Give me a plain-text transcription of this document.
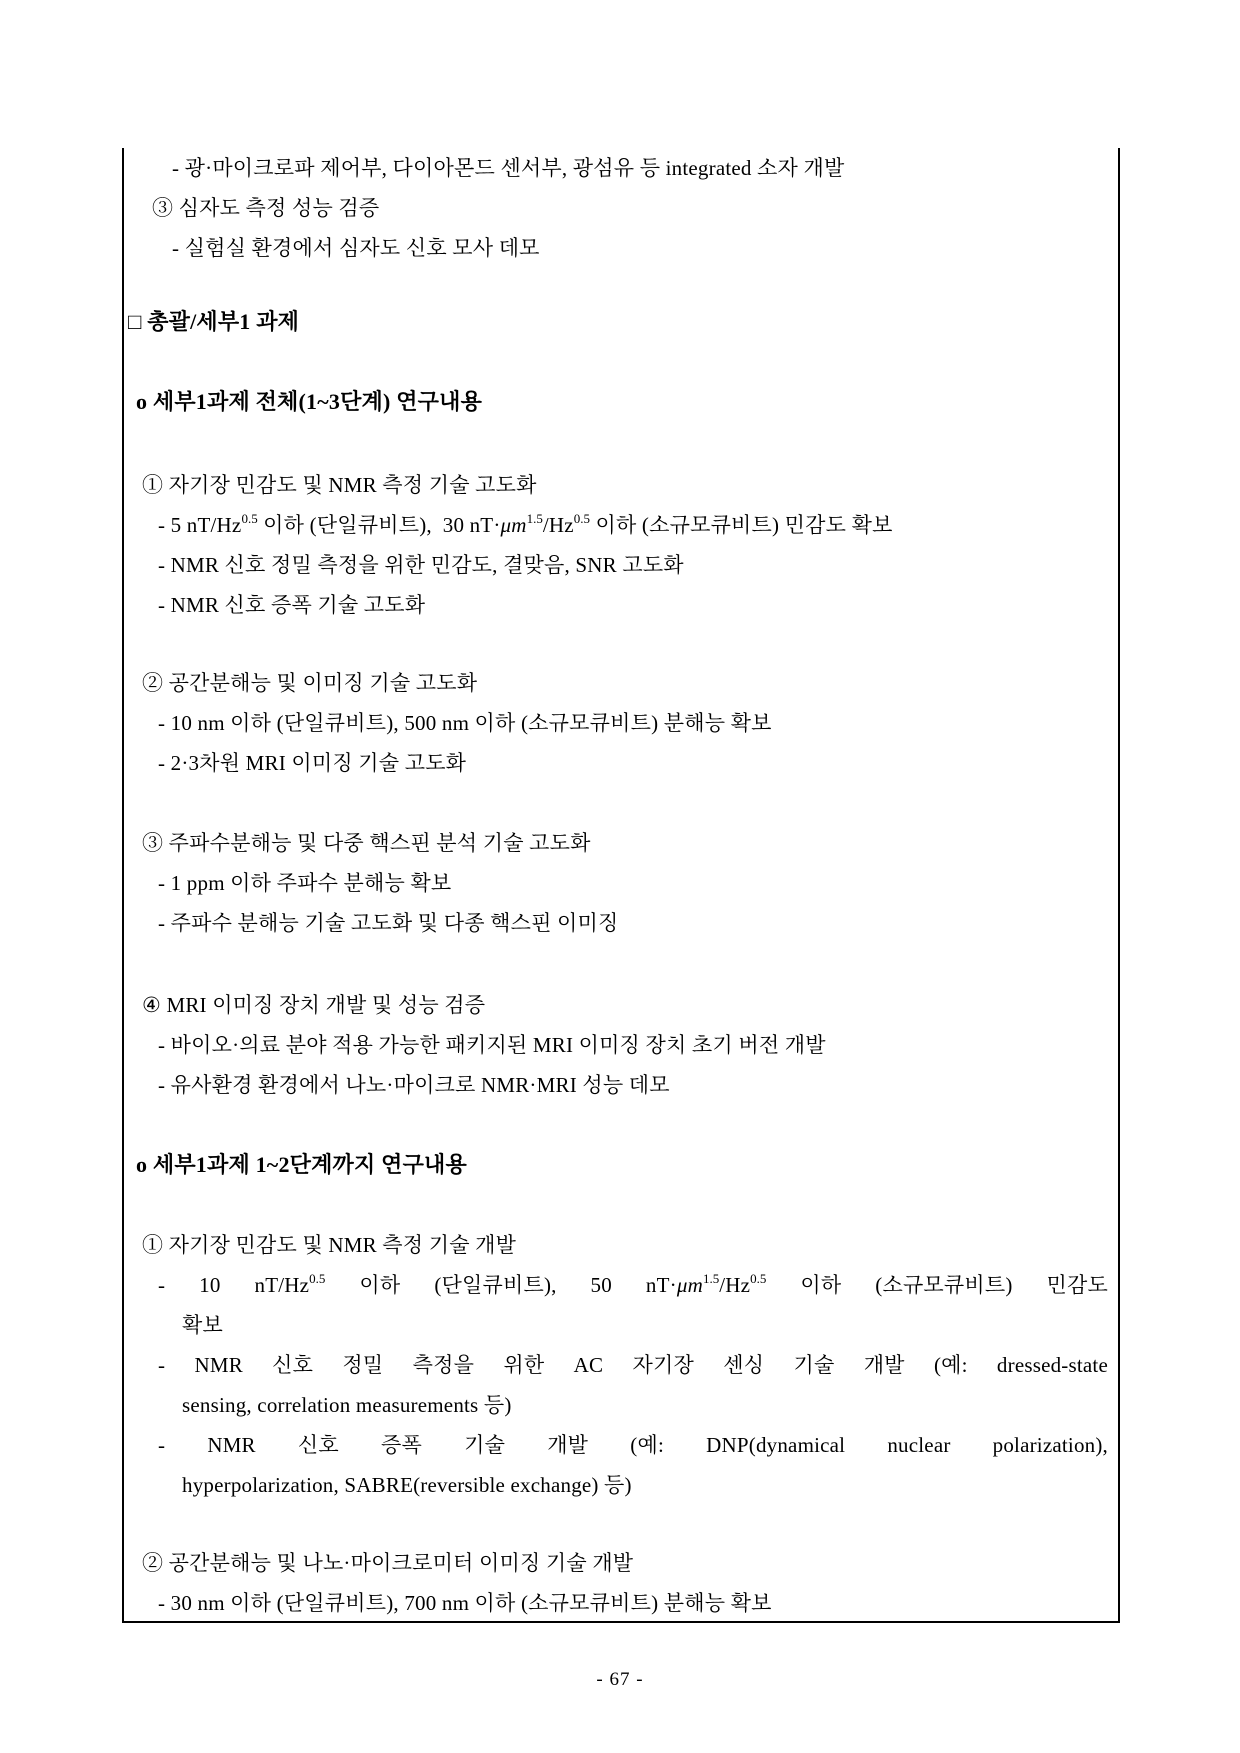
- 광·마이크로파 제어부, 다이아몬드 센서부, 광섬유 등 integrated 소자 개발
③ 심자도 측정 성능 검증
- 실험실 환경에서 심자도 신호 모사 데모
□ 총괄/세부1 과제
o 세부1과제 전체(1~3단계) 연구내용
① 자기장 민감도 및 NMR 측정 기술 고도화
- 5 $nT/Hz^{0.5}$ 이하 (단일큐비트),  30 $nT\cdot\mu m^{1.5}/Hz^{0.5}$ 이하 (소규모큐비트) 민감도 확보
- NMR 신호 정밀 측정을 위한 민감도, 결맞음, SNR 고도화
- NMR 신호 증폭 기술 고도화
② 공간분해능 및 이미징 기술 고도화
- 10 nm 이하 (단일큐비트), 500 nm 이하 (소규모큐비트) 분해능 확보
- 2·3차원 MRI 이미징 기술 고도화
③ 주파수분해능 및 다중 핵스핀 분석 기술 고도화
- 1 ppm 이하 주파수 분해능 확보
- 주파수 분해능 기술 고도화 및 다종 핵스핀 이미징
④ MRI 이미징 장치 개발 및 성능 검증
- 바이오·의료 분야 적용 가능한 패키지된 MRI 이미징 장치 초기 버전 개발
- 유사환경 환경에서 나노·마이크로 NMR·MRI 성능 데모
o 세부1과제 1~2단계까지 연구내용
① 자기장 민감도 및 NMR 측정 기술 개발
- 10 $nT/Hz^{0.5}$ 이하 (단일큐비트), 50 $nT\cdot\mu m^{1.5}/Hz^{0.5}$ 이하 (소규모큐비트) 민감도
확보
- NMR 신호 정밀 측정을 위한 AC 자기장 센싱 기술 개발 (예: dressed-state
sensing, correlation measurements 등)
- NMR 신호 증폭 기술 개발 (예: DNP(dynamical nuclear polarization),
hyperpolarization, SABRE(reversible exchange) 등)
② 공간분해능 및 나노·마이크로미터 이미징 기술 개발
- 30 nm 이하 (단일큐비트), 700 nm 이하 (소규모큐비트) 분해능 확보
- 67 -
